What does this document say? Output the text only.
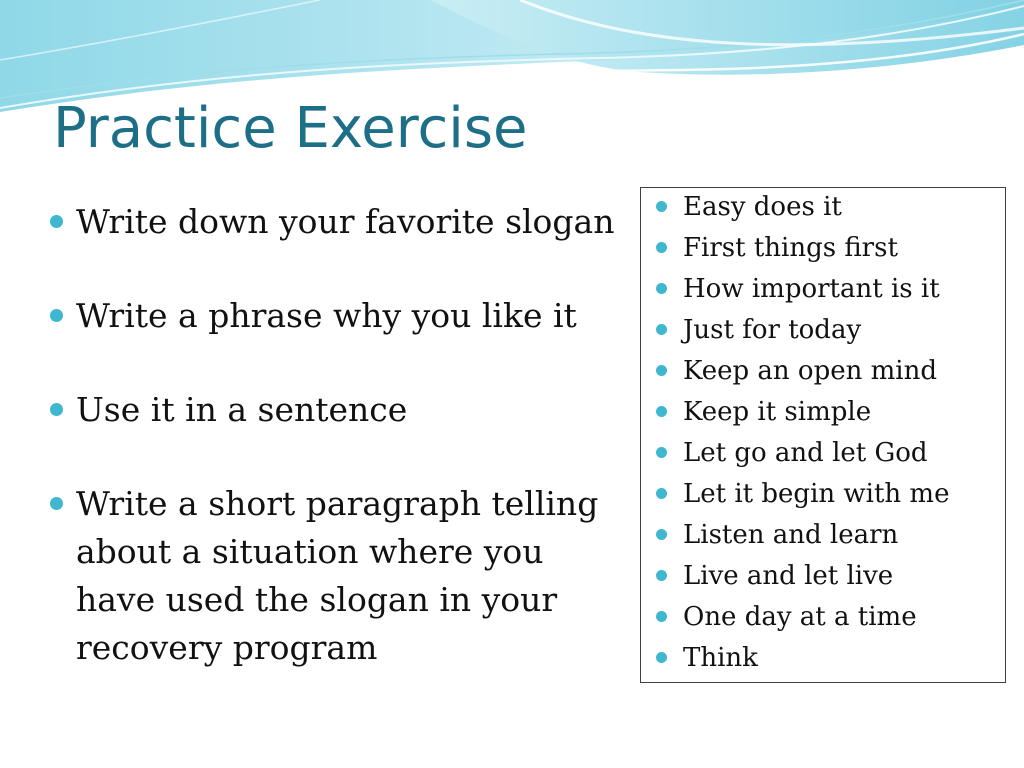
Practice Exercise
Write down your favorite slogan
Write a phrase why you like it
Use it in a sentence
Write a short paragraph telling about a situation where you have used the slogan in your recovery program
Easy does it
First things first
How important is it
Just for today
Keep an open mind
Keep it simple
Let go and let God
Let it begin with me
Listen and learn
Live and let live
One day at a time
Think
